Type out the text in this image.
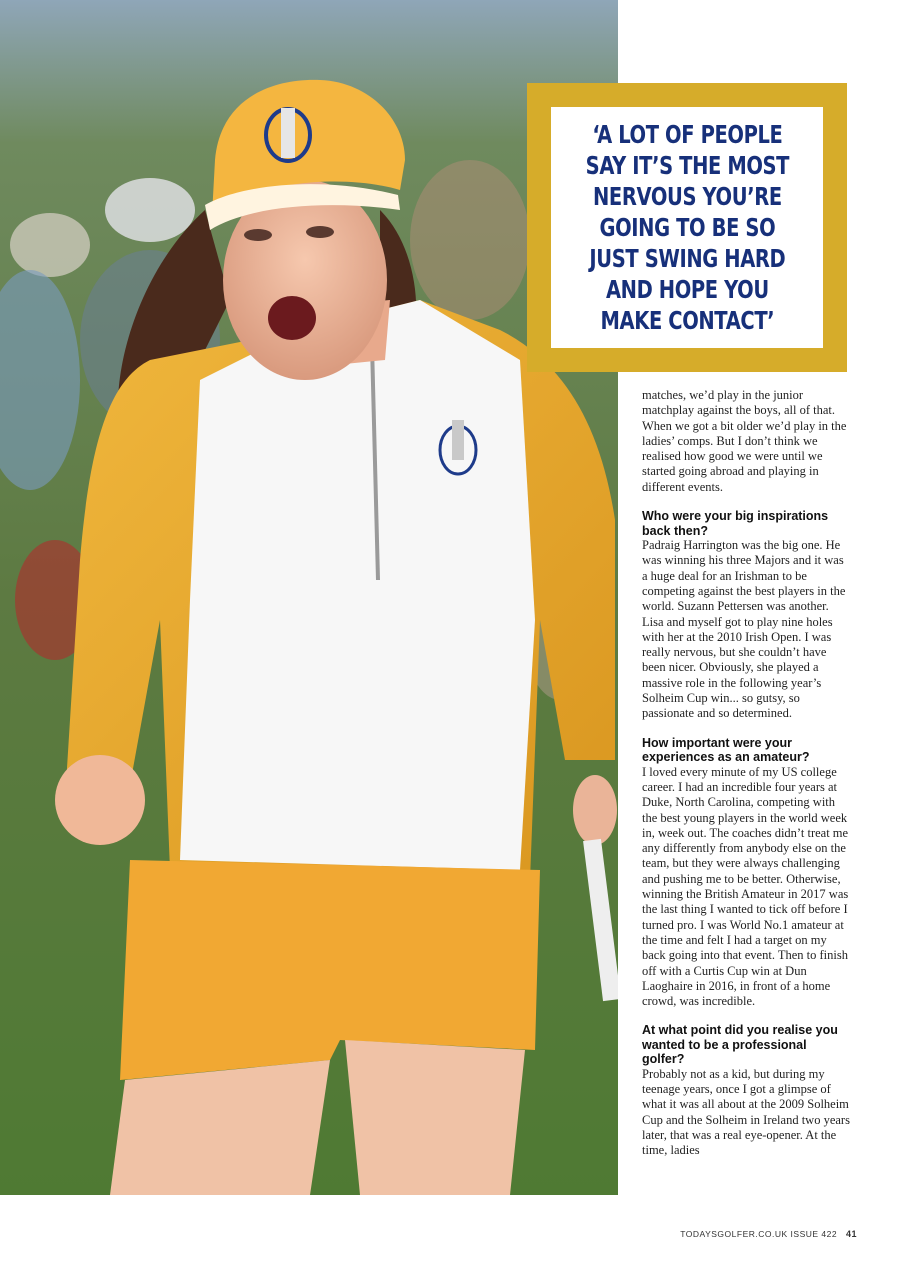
‘A LOT OF PEOPLE
SAY IT’S THE MOST
NERVOUS YOU’RE
GOING TO BE SO
JUST SWING HARD
AND HOPE YOU
MAKE CONTACT’

matches, we’d play in the junior matchplay against the boys, all of that. When we got a bit older we’d play in the ladies’ comps. But I don’t think we realised how good we were until we started going abroad and playing in different events.

Who were your big inspirations back then?

Padraig Harrington was the big one. He was winning his three Majors and it was a huge deal for an Irishman to be competing against the best players in the world. Suzann Pettersen was another. Lisa and myself got to play nine holes with her at the 2010 Irish Open. I was really nervous, but she couldn’t have been nicer. Obviously, she played a massive role in the following year’s Solheim Cup win... so gutsy, so passionate and so determined.

How important were your experiences as an amateur?

I loved every minute of my US college career. I had an incredible four years at Duke, North Carolina, competing with the best young players in the world week in, week out. The coaches didn’t treat me any differently from anybody else on the team, but they were always challenging and pushing me to be better. Otherwise, winning the British Amateur in 2017 was the last thing I wanted to tick off before I turned pro. I was World No.1 amateur at the time and felt I had a target on my back going into that event. Then to finish off with a Curtis Cup win at Dun Laoghaire in 2016, in front of a home crowd, was incredible.

At what point did you realise you wanted to be a professional golfer?

Probably not as a kid, but during my teenage years, once I got a glimpse of what it was all about at the 2009 Solheim Cup and the Solheim in Ireland two years later, that was a real eye-opener. At the time, ladies

TODAYSGOLFER.CO.UK ISSUE 422 41
